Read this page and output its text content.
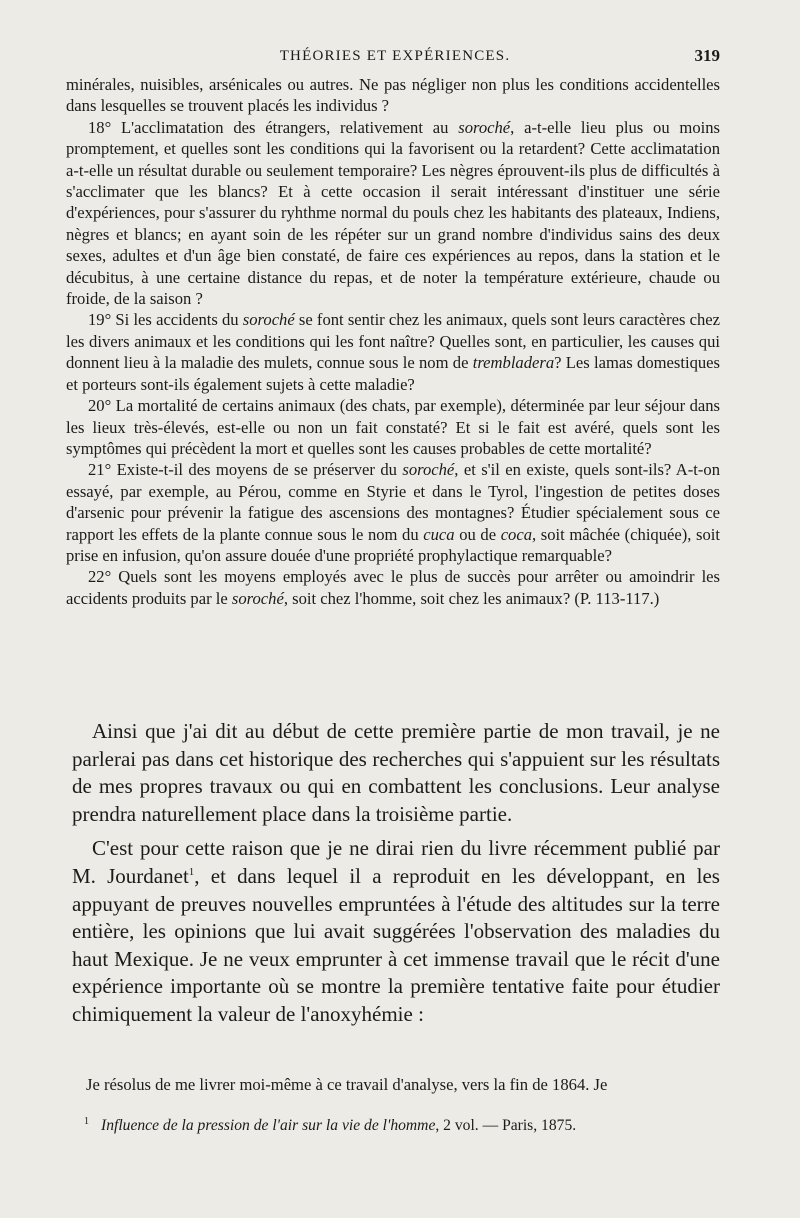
THÉORIES ET EXPÉRIENCES.	319

minérales, nuisibles, arsénicales ou autres. Ne pas négliger non plus les conditions accidentelles dans lesquelles se trouvent placés les individus ?

18° L'acclimatation des étrangers, relativement au soroché, a-t-elle lieu plus ou moins promptement, et quelles sont les conditions qui la favorisent ou la retardent? Cette acclimatation a-t-elle un résultat durable ou seulement temporaire? Les nègres éprouvent-ils plus de difficultés à s'acclimater que les blancs? Et à cette occasion il serait intéressant d'instituer une série d'expériences, pour s'assurer du ryhthme normal du pouls chez les habitants des plateaux, Indiens, nègres et blancs; en ayant soin de les répéter sur un grand nombre d'individus sains des deux sexes, adultes et d'un âge bien constaté, de faire ces expériences au repos, dans la station et le décubitus, à une certaine distance du repas, et de noter la température extérieure, chaude ou froide, de la saison ?

19° Si les accidents du soroché se font sentir chez les animaux, quels sont leurs caractères chez les divers animaux et les conditions qui les font naître? Quelles sont, en particulier, les causes qui donnent lieu à la maladie des mulets, connue sous le nom de trembladera? Les lamas domestiques et porteurs sont-ils également sujets à cette maladie?

20° La mortalité de certains animaux (des chats, par exemple), déterminée par leur séjour dans les lieux très-élevés, est-elle ou non un fait constaté? Et si le fait est avéré, quels sont les symptômes qui précèdent la mort et quelles sont les causes probables de cette mortalité?

21° Existe-t-il des moyens de se préserver du soroché, et s'il en existe, quels sont-ils? A-t-on essayé, par exemple, au Pérou, comme en Styrie et dans le Tyrol, l'ingestion de petites doses d'arsenic pour prévenir la fatigue des ascensions des montagnes? Étudier spécialement sous ce rapport les effets de la plante connue sous le nom du cuca ou de coca, soit mâchée (chiquée), soit prise en infusion, qu'on assure douée d'une propriété prophylactique remarquable?

22° Quels sont les moyens employés avec le plus de succès pour arrêter ou amoindrir les accidents produits par le soroché, soit chez l'homme, soit chez les animaux? (P. 113-117.)

Ainsi que j'ai dit au début de cette première partie de mon travail, je ne parlerai pas dans cet historique des recherches qui s'appuient sur les résultats de mes propres travaux ou qui en combattent les conclusions. Leur analyse prendra naturellement place dans la troisième partie.

C'est pour cette raison que je ne dirai rien du livre récemment publié par M. Jourdanet$^1$, et dans lequel il a reproduit en les développant, en les appuyant de preuves nouvelles empruntées à l'étude des altitudes sur la terre entière, les opinions que lui avait suggérées l'observation des maladies du haut Mexique. Je ne veux emprunter à cet immense travail que le récit d'une expérience importante où se montre la première tentative faite pour étudier chimiquement la valeur de l'anoxyhémie :

Je résolus de me livrer moi-même à ce travail d'analyse, vers la fin de 1864. Je

$^1$ Influence de la pression de l'air sur la vie de l'homme, 2 vol. — Paris, 1875.
